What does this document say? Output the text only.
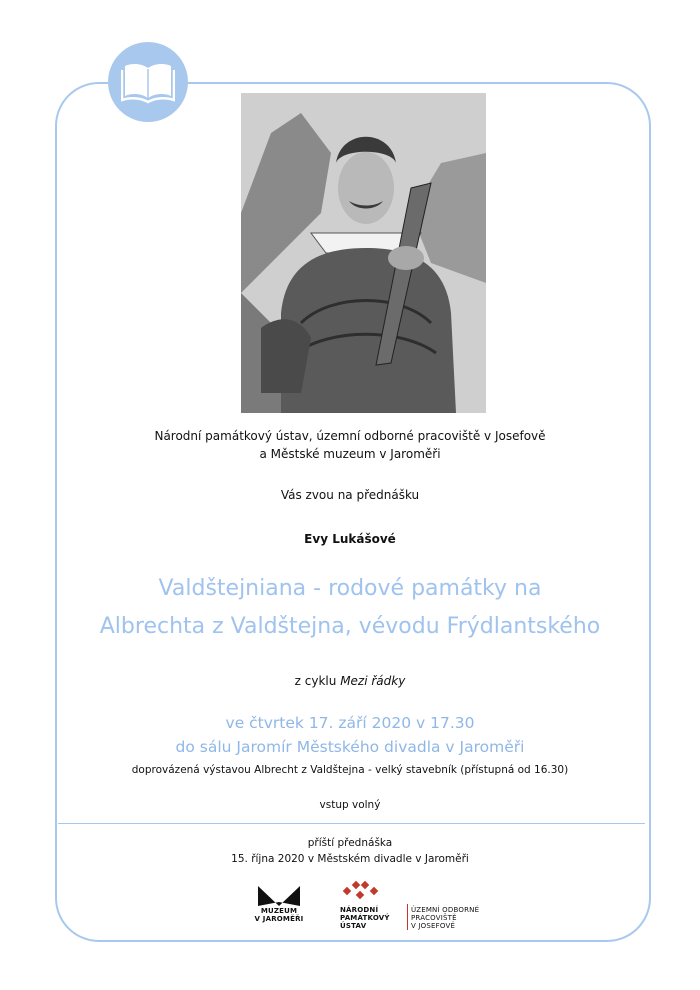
Národní památkový ústav, územní odborné pracoviště v Josefově
a Městské muzeum v Jaroměři
Vás zvou na přednášku
Evy Lukášové
Valdštejniana - rodové památky na
Albrechta z Valdštejna, vévodu Frýdlantského
z cyklu Mezi řádky
ve čtvrtek 17. září 2020 v 17.30
do sálu Jaromír Městského divadla v Jaroměři
doprovázená výstavou Albrecht z Valdštejna - velký stavebník (přístupná od 16.30)
vstup volný
příští přednáška
15. října 2020 v Městském divadle v Jaroměři
MUZEUM
V JAROMĚŘI
NÁRODNÍ
PAMÁTKOVÝ
ÚSTAV
ÚZEMNÍ ODBORNÉ
PRACOVIŠTĚ
V JOSEFOVĚ
